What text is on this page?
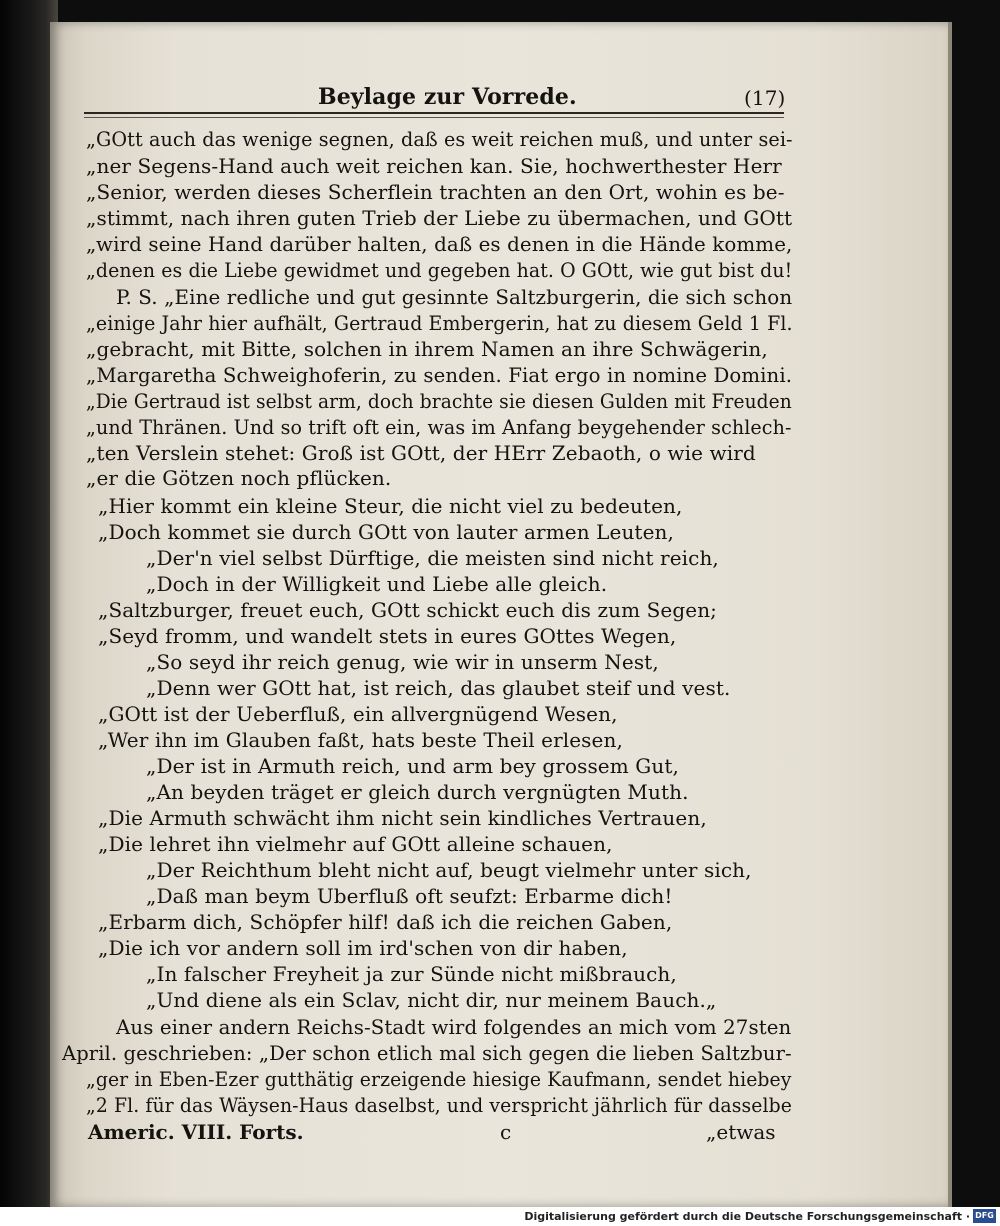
Beylage zur Vorrede.	(17)
„GOtt auch das wenige segnen, daß es weit reichen muß, und unter sei-
„ner Segens-Hand auch weit reichen kan. Sie, hochwerthester Herr
„Senior, werden dieses Scherflein trachten an den Ort, wohin es be-
„stimmt, nach ihren guten Trieb der Liebe zu übermachen, und GOtt
„wird seine Hand darüber halten, daß es denen in die Hände komme,
„denen es die Liebe gewidmet und gegeben hat. O GOtt, wie gut bist du!
P. S. „Eine redliche und gut gesinnte Saltzburgerin, die sich schon
„einige Jahr hier aufhält, Gertraud Embergerin, hat zu diesem Geld 1 Fl.
„gebracht, mit Bitte, solchen in ihrem Namen an ihre Schwägerin,
„Margaretha Schweighoferin, zu senden. Fiat ergo in nomine Domini.
„Die Gertraud ist selbst arm, doch brachte sie diesen Gulden mit Freuden
„und Thränen. Und so trift oft ein, was im Anfang beygehender schlech-
„ten Verslein stehet: Groß ist GOtt, der HErr Zebaoth, o wie wird
„er die Götzen noch pflücken.
„Hier kommt ein kleine Steur, die nicht viel zu bedeuten,
„Doch kommet sie durch GOtt von lauter armen Leuten,
„Der'n viel selbst Dürftige, die meisten sind nicht reich,
„Doch in der Willigkeit und Liebe alle gleich.
„Saltzburger, freuet euch, GOtt schickt euch dis zum Segen;
„Seyd fromm, und wandelt stets in eures GOttes Wegen,
„So seyd ihr reich genug, wie wir in unserm Nest,
„Denn wer GOtt hat, ist reich, das glaubet steif und vest.
„GOtt ist der Ueberfluß, ein allvergnügend Wesen,
„Wer ihn im Glauben faßt, hats beste Theil erlesen,
„Der ist in Armuth reich, und arm bey grossem Gut,
„An beyden träget er gleich durch vergnügten Muth.
„Die Armuth schwächt ihm nicht sein kindliches Vertrauen,
„Die lehret ihn vielmehr auf GOtt alleine schauen,
„Der Reichthum bleht nicht auf, beugt vielmehr unter sich,
„Daß man beym Uberfluß oft seufzt: Erbarme dich!
„Erbarm dich, Schöpfer hilf! daß ich die reichen Gaben,
„Die ich vor andern soll im ird'schen von dir haben,
„In falscher Freyheit ja zur Sünde nicht mißbrauch,
„Und diene als ein Sclav, nicht dir, nur meinem Bauch.„
Aus einer andern Reichs-Stadt wird folgendes an mich vom 27sten
April. geschrieben: „Der schon etlich mal sich gegen die lieben Saltzbur-
„ger in Eben-Ezer gutthätig erzeigende hiesige Kaufmann, sendet hiebey
„2 Fl. für das Wäysen-Haus daselbst, und verspricht jährlich für dasselbe
Americ. VIII. Forts.	c	„etwas
Digitalisierung gefördert durch die Deutsche Forschungsgemeinschaft · DFG
